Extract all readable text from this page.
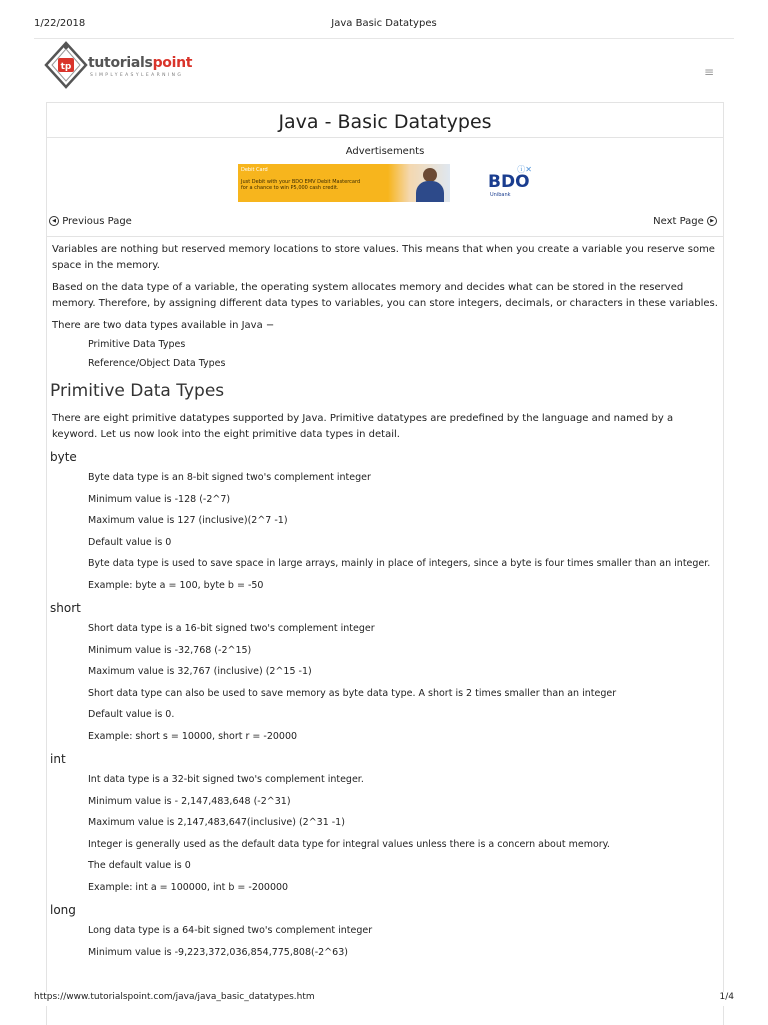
1/22/2018	Java Basic Datatypes
tp tutorialspoint
SIMPLYEASYLEARNING	≡
Java - Basic Datatypes
Advertisements
Debit Card
Just Debit with your BDO EMV Debit Mastercard
for a chance to win P5,000 cash credit.	BDO
Unibank
ⓘ✕
◀ Previous Page	Next Page ▶

Variables are nothing but reserved memory locations to store values. This means that when you create a variable you reserve some space in the memory.

Based on the data type of a variable, the operating system allocates memory and decides what can be stored in the reserved memory. Therefore, by assigning different data types to variables, you can store integers, decimals, or characters in these variables.

There are two data types available in Java −

Primitive Data Types
Reference/Object Data Types
Primitive Data Types

There are eight primitive datatypes supported by Java. Primitive datatypes are predefined by the language and named by a keyword. Let us now look into the eight primitive data types in detail.

byte
Byte data type is an 8-bit signed two's complement integer
Minimum value is -128 (-2^7)
Maximum value is 127 (inclusive)(2^7 -1)
Default value is 0
Byte data type is used to save space in large arrays, mainly in place of integers, since a byte is four times smaller than an integer.
Example: byte a = 100, byte b = -50
short
Short data type is a 16-bit signed two's complement integer
Minimum value is -32,768 (-2^15)
Maximum value is 32,767 (inclusive) (2^15 -1)
Short data type can also be used to save memory as byte data type. A short is 2 times smaller than an integer
Default value is 0.
Example: short s = 10000, short r = -20000
int
Int data type is a 32-bit signed two's complement integer.
Minimum value is - 2,147,483,648 (-2^31)
Maximum value is 2,147,483,647(inclusive) (2^31 -1)
Integer is generally used as the default data type for integral values unless there is a concern about memory.
The default value is 0
Example: int a = 100000, int b = -200000
long
Long data type is a 64-bit signed two's complement integer
Minimum value is -9,223,372,036,854,775,808(-2^63)
https://www.tutorialspoint.com/java/java_basic_datatypes.htm	1/4
